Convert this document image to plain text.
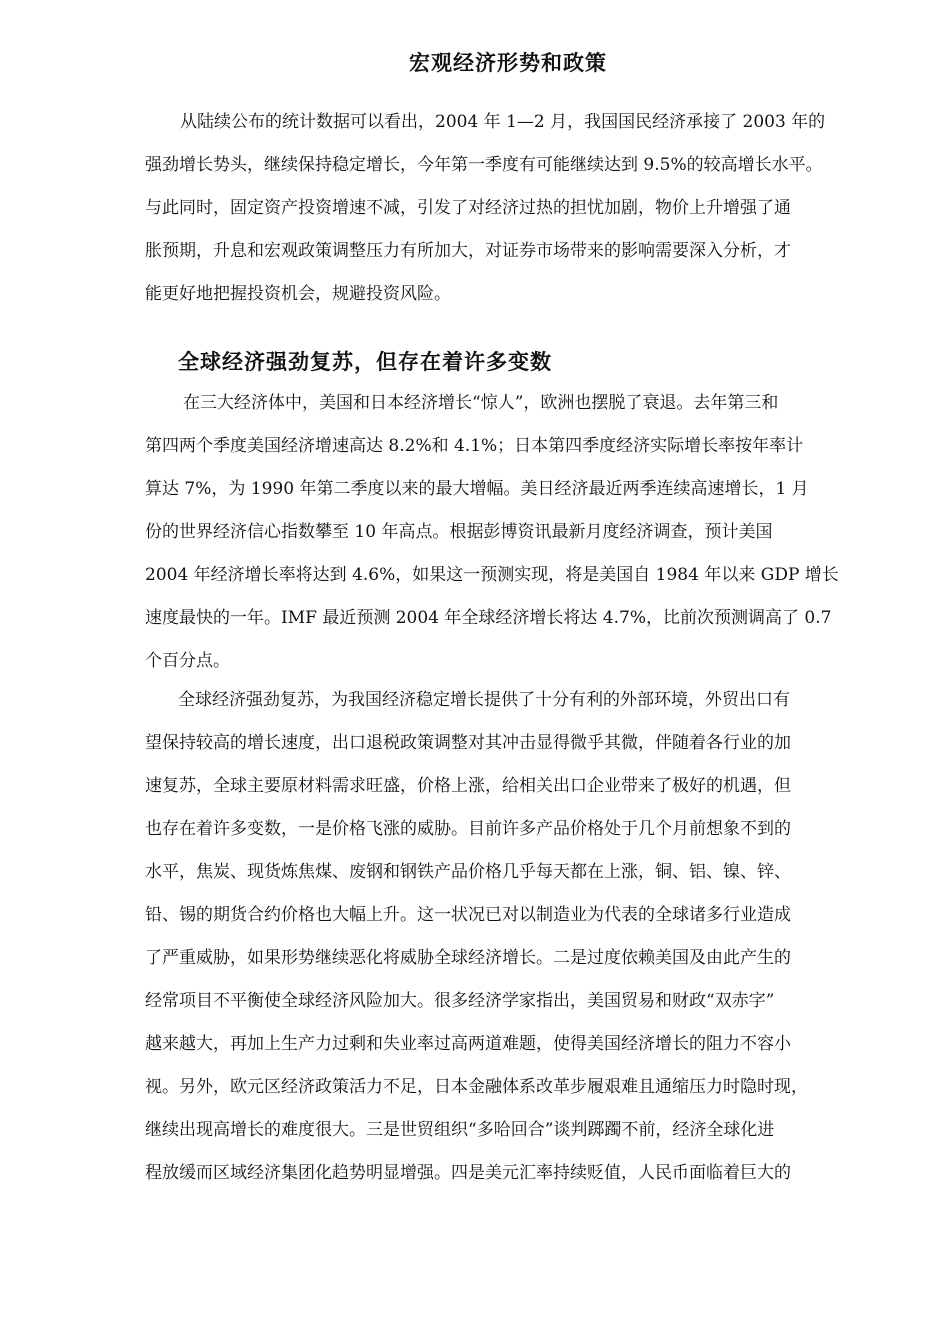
宏观经济形势和政策

从陆续公布的统计数据可以看出，2004 年 1—2 月，我国国民经济承接了 2003 年的

强劲增长势头，继续保持稳定增长，今年第一季度有可能继续达到 9.5%的较高增长水平。

与此同时，固定资产投资增速不减，引发了对经济过热的担忧加剧，物价上升增强了通

胀预期，升息和宏观政策调整压力有所加大，对证券市场带来的影响需要深入分析，才

能更好地把握投资机会，规避投资风险。

全球经济强劲复苏，但存在着许多变数

在三大经济体中，美国和日本经济增长“惊人”，欧洲也摆脱了衰退。去年第三和

第四两个季度美国经济增速高达 8.2%和 4.1%；日本第四季度经济实际增长率按年率计

算达 7%，为 1990 年第二季度以来的最大增幅。美日经济最近两季连续高速增长，1 月

份的世界经济信心指数攀至 10 年高点。根据彭博资讯最新月度经济调查，预计美国

2004 年经济增长率将达到 4.6%，如果这一预测实现，将是美国自 1984 年以来 GDP 增长

速度最快的一年。IMF 最近预测 2004 年全球经济增长将达 4.7%，比前次预测调高了 0.7

个百分点。

全球经济强劲复苏，为我国经济稳定增长提供了十分有利的外部环境，外贸出口有

望保持较高的增长速度，出口退税政策调整对其冲击显得微乎其微，伴随着各行业的加

速复苏，全球主要原材料需求旺盛，价格上涨，给相关出口企业带来了极好的机遇，但

也存在着许多变数，一是价格飞涨的威胁。目前许多产品价格处于几个月前想象不到的

水平，焦炭、现货炼焦煤、废钢和钢铁产品价格几乎每天都在上涨，铜、铝、镍、锌、

铅、锡的期货合约价格也大幅上升。这一状况已对以制造业为代表的全球诸多行业造成

了严重威胁，如果形势继续恶化将威胁全球经济增长。二是过度依赖美国及由此产生的

经常项目不平衡使全球经济风险加大。很多经济学家指出，美国贸易和财政“双赤字”

越来越大，再加上生产力过剩和失业率过高两道难题，使得美国经济增长的阻力不容小

视。另外，欧元区经济政策活力不足，日本金融体系改革步履艰难且通缩压力时隐时现，

继续出现高增长的难度很大。三是世贸组织“多哈回合”谈判踯躅不前，经济全球化进

程放缓而区域经济集团化趋势明显增强。四是美元汇率持续贬值，人民币面临着巨大的
